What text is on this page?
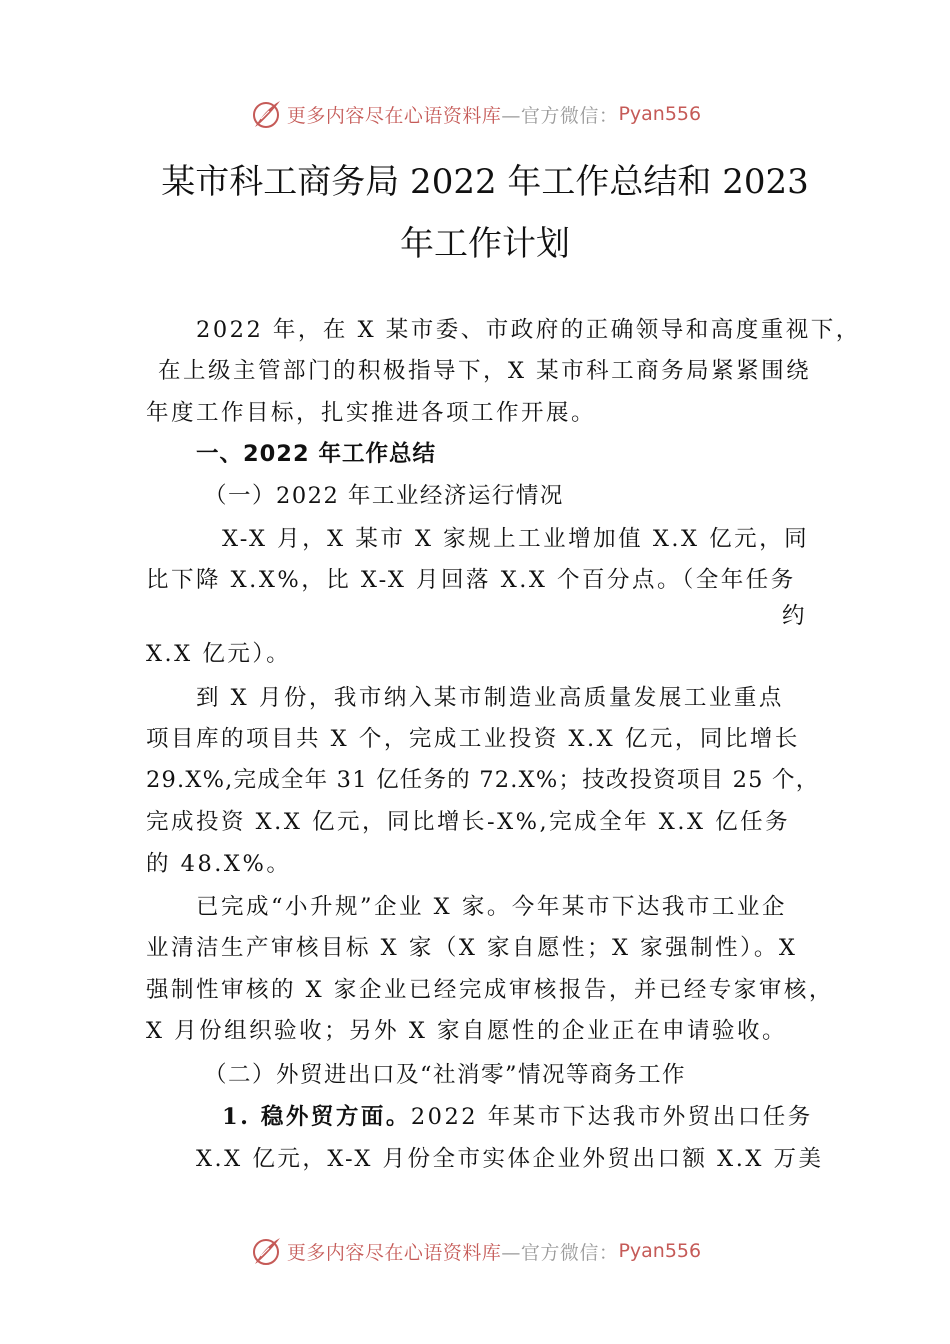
更多内容尽在心语资料库 —官方微信： Pyan556
某市科工商务局 2022 年工作总结和 2023
年工作计划
2022 年，在 X 某市委、市政府的正确领导和高度重视下，
在上级主管部门的积极指导下，X 某市科工商务局紧紧围绕
年度工作目标，扎实推进各项工作开展。
一、2022 年工作总结
（一）2022 年工业经济运行情况
X-X 月，X 某市 X 家规上工业增加值 X.X 亿元，同
比下降 X.X%，比 X-X 月回落 X.X 个百分点。（全年任务
约
X.X 亿元）。
到 X 月份，我市纳入某市制造业高质量发展工业重点
项目库的项目共 X 个，完成工业投资 X.X 亿元，同比增长
29.X%,完成全年 31 亿任务的 72.X%；技改投资项目 25 个，
完成投资 X.X 亿元，同比增长-X%,完成全年 X.X 亿任务
的 48.X%。
已完成“小升规”企业 X 家。今年某市下达我市工业企
业清洁生产审核目标 X 家（X 家自愿性；X 家强制性）。X
强制性审核的 X 家企业已经完成审核报告，并已经专家审核，
X 月份组织验收；另外 X 家自愿性的企业正在申请验收。
（二）外贸进出口及“社消零”情况等商务工作
1. 稳外贸方面。2022 年某市下达我市外贸出口任务
X.X 亿元，X-X 月份全市实体企业外贸出口额 X.X 万美
更多内容尽在心语资料库 —官方微信： Pyan556
